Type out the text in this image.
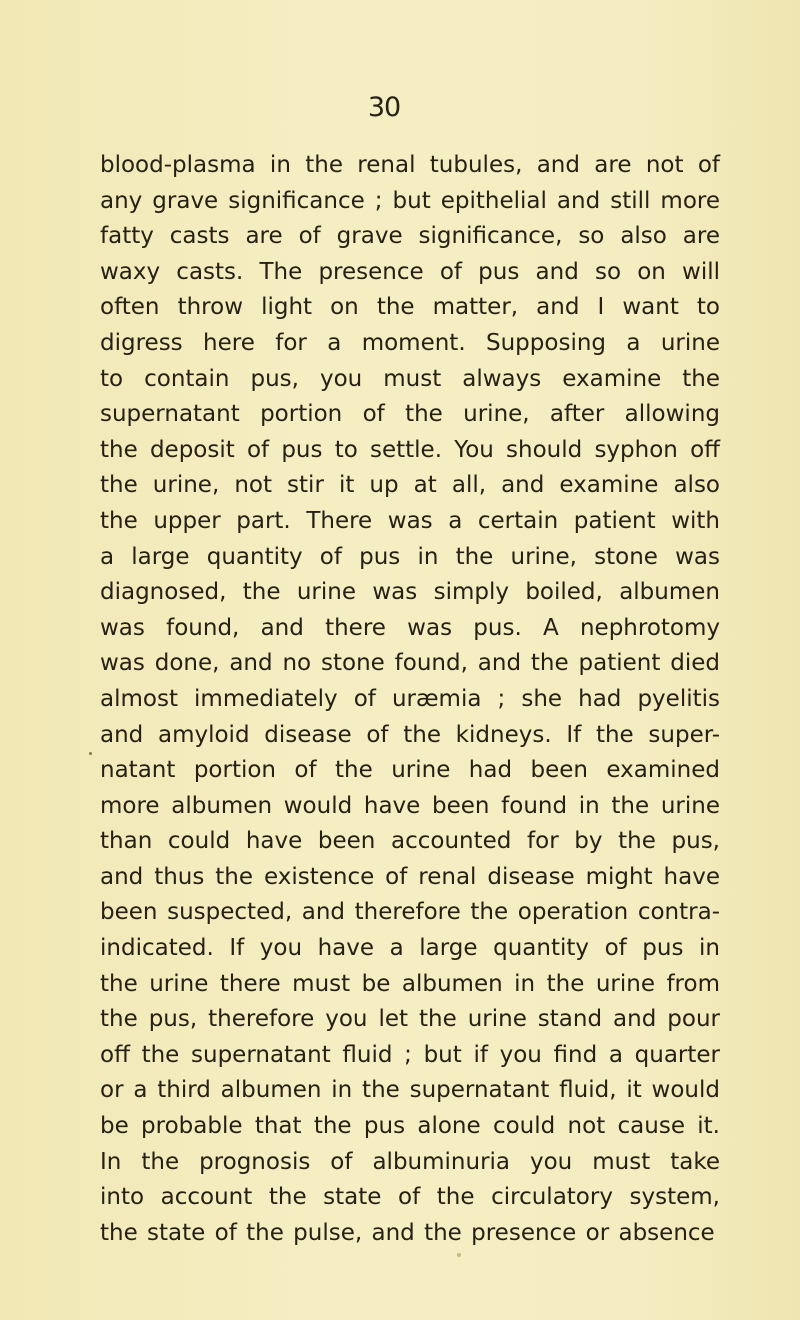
30
blood-plasma in the renal tubules, and are not of
any grave significance ; but epithelial and still more
fatty casts are of grave significance, so also are
waxy casts. The presence of pus and so on will
often throw light on the matter, and I want to
digress here for a moment. Supposing a urine
to contain pus, you must always examine the
supernatant portion of the urine, after allowing
the deposit of pus to settle. You should syphon off
the urine, not stir it up at all, and examine also
the upper part. There was a certain patient with
a large quantity of pus in the urine, stone was
diagnosed, the urine was simply boiled, albumen
was found, and there was pus. A nephrotomy
was done, and no stone found, and the patient died
almost immediately of uræmia ; she had pyelitis
and amyloid disease of the kidneys. If the super-
natant portion of the urine had been examined
more albumen would have been found in the urine
than could have been accounted for by the pus,
and thus the existence of renal disease might have
been suspected, and therefore the operation contra-
indicated. If you have a large quantity of pus in
the urine there must be albumen in the urine from
the pus, therefore you let the urine stand and pour
off the supernatant fluid ; but if you find a quarter
or a third albumen in the supernatant fluid, it would
be probable that the pus alone could not cause it.
In the prognosis of albuminuria you must take
into account the state of the circulatory system,
the state of the pulse, and the presence or absence
